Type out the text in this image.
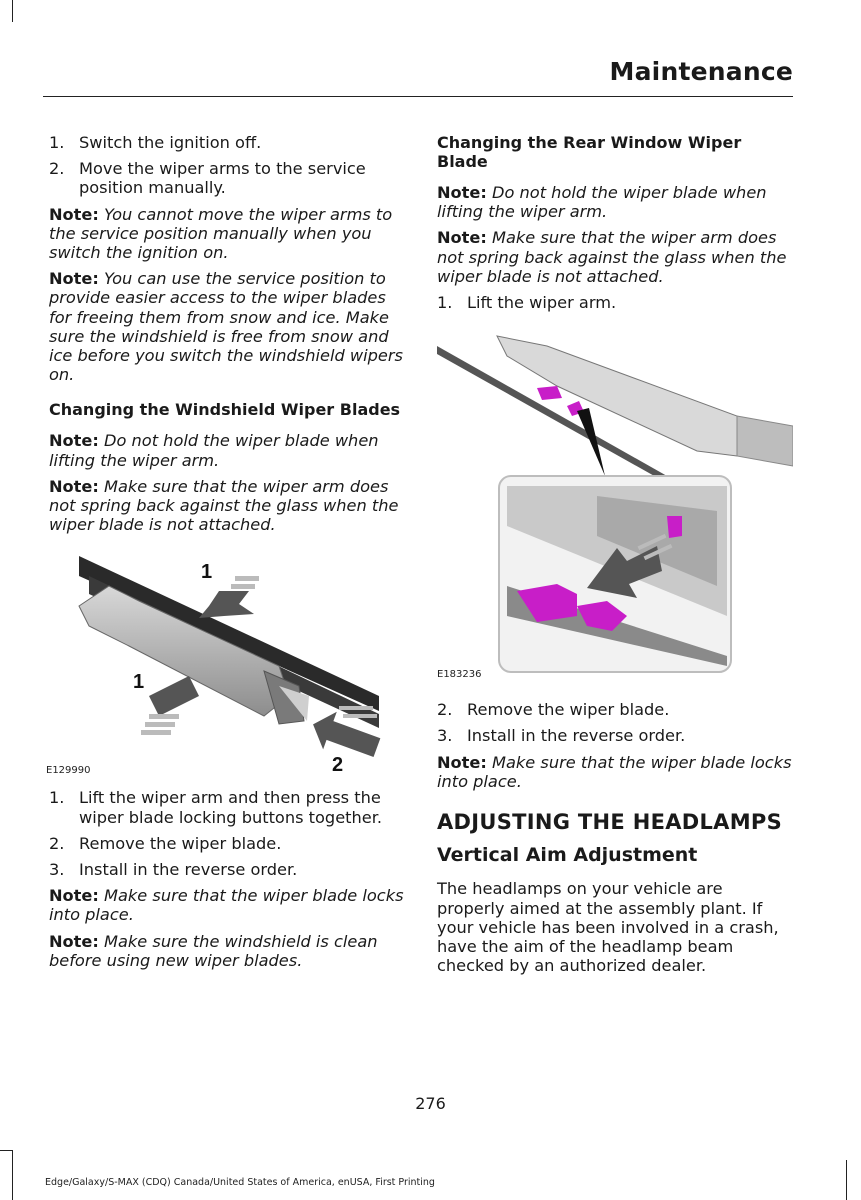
Maintenance
1. Switch the ignition off.
2. Move the wiper arms to the service position manually.
Note: You cannot move the wiper arms to the service position manually when you switch the ignition on.
Note: You can use the service position to provide easier access to the wiper blades for freeing them from snow and ice. Make sure the windshield is free from snow and ice before you switch the windshield wipers on.
Changing the Windshield Wiper Blades
Note: Do not hold the wiper blade when lifting the wiper arm.
Note: Make sure that the wiper arm does not spring back against the glass when the wiper blade is not attached.
1
1
2
E129990
1. Lift the wiper arm and then press the wiper blade locking buttons together.
2. Remove the wiper blade.
3. Install in the reverse order.
Note: Make sure that the wiper blade locks into place.
Note: Make sure the windshield is clean before using new wiper blades.
Changing the Rear Window Wiper Blade
Note: Do not hold the wiper blade when lifting the wiper arm.
Note: Make sure that the wiper arm does not spring back against the glass when the wiper blade is not attached.
1. Lift the wiper arm.
E183236
2. Remove the wiper blade.
3. Install in the reverse order.
Note: Make sure that the wiper blade locks into place.
ADJUSTING THE HEADLAMPS
Vertical Aim Adjustment
The headlamps on your vehicle are properly aimed at the assembly plant. If your vehicle has been involved in a crash, have the aim of the headlamp beam checked by an authorized dealer.
276
Edge/Galaxy/S-MAX (CDQ) Canada/United States of America, enUSA, First Printing
